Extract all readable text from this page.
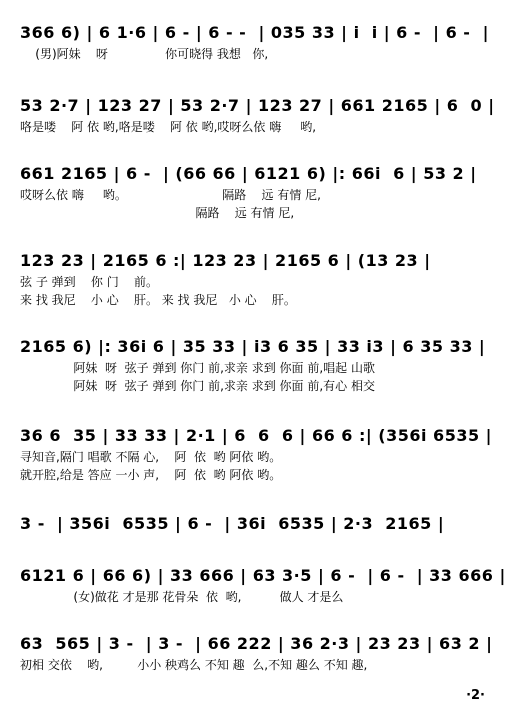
366 6) | 6 1·6 | 6 - | 6 - -  | 035 33 | i  i | 6 -  | 6 -  |
(男)阿妹    呀               你可晓得 我想   你,
53 2·7 | 123 27 | 53 2·7 | 123 27 | 661 2165 | 6  0 |
咯是喽    阿 依 哟,咯是喽    阿 依 哟,哎呀么依 嗨     哟,
661 2165 | 6 -  | (66 66 | 6121 6) |: 66i  6 | 53 2 |
哎呀么依 嗨     哟。                         隔路    远 有情 尼,
隔路    远 有情 尼,
123 23 | 2165 6 :| 123 23 | 2165 6 | (13 23 |
弦 子 弹到    你 门    前。
来 找 我尼    小 心    肝。 来 找 我尼   小 心    肝。
2165 6) |: 36i 6 | 35 33 | i3 6 35 | 33 i3 | 6 35 33 |
阿妹  呀  弦子 弹到 你门 前,求亲 求到 你面 前,唱起 山歌
阿妹  呀  弦子 弹到 你门 前,求亲 求到 你面 前,有心 相交
36 6  35 | 33 33 | 2·1 | 6  6  6 | 66 6 :| (356i 6535 |
寻知音,隔门 唱歌 不隔 心,    阿  依  哟 阿依 哟。
就开腔,给是 答应 一小 声,    阿  依  哟 阿依 哟。
3 -  | 356i  6535 | 6 -  | 36i  6535 | 2·3  2165 |
6121 6 | 66 6) | 33 666 | 63 3·5 | 6 -  | 6 -  | 33 666 |
(女)做花 才是那 花骨朵  依  哟,          做人 才是么
63  565 | 3 -  | 3 -  | 66 222 | 36 2·3 | 23 23 | 63 2 |
初相 交依    哟,         小小 秧鸡么 不知 趣  么,不知 趣么 不知 趣,
·2·
